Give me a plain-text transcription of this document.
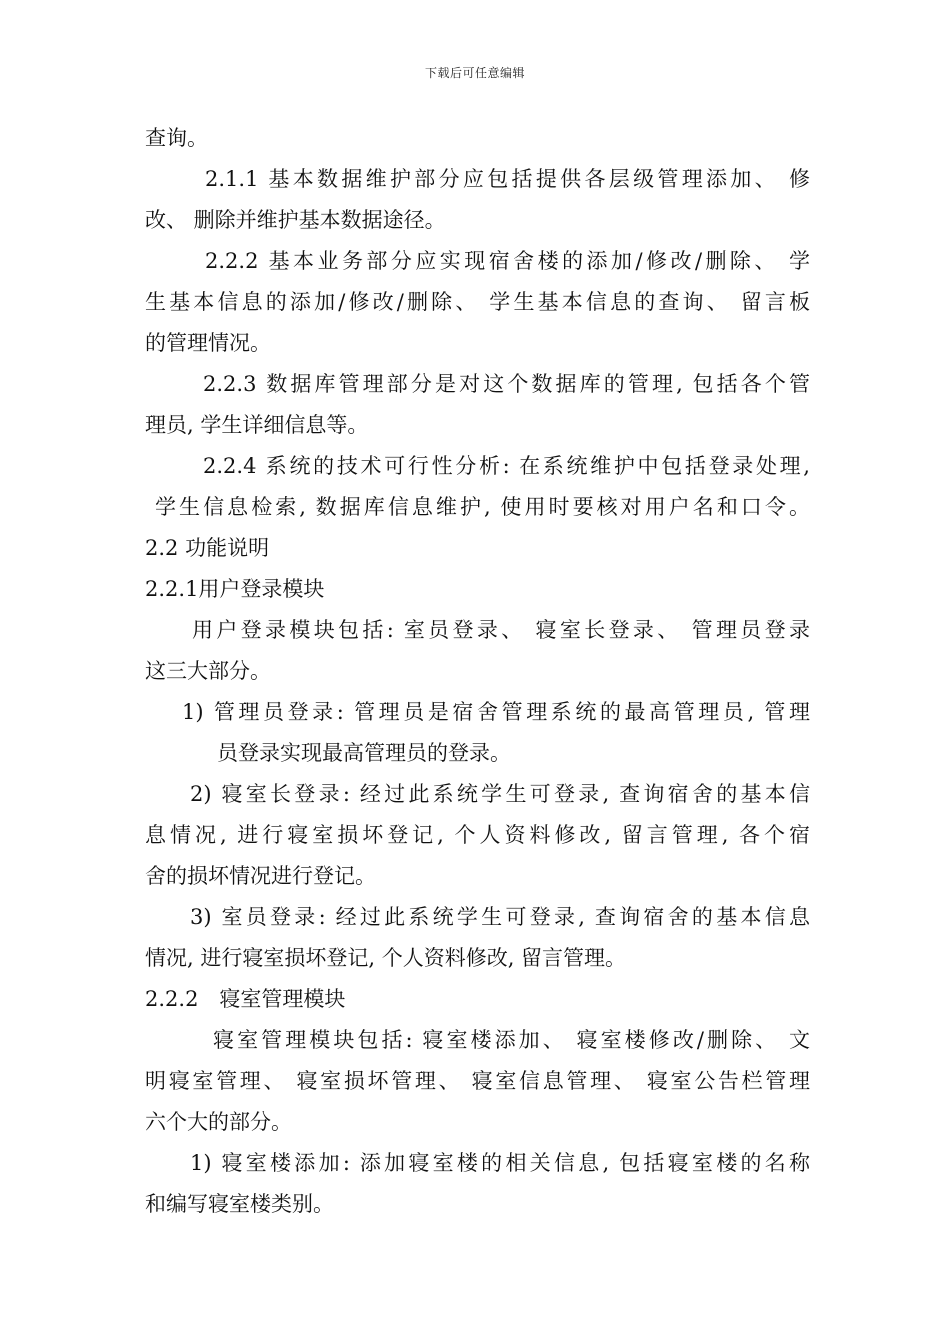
下载后可任意编辑
查询。
2.1.1 基本数据维护部分应包括提供各层级管理添加、 修
改、 删除并维护基本数据途径。
2.2.2 基本业务部分应实现宿舍楼的添加/修改/删除、 学
生基本信息的添加/修改/删除、 学生基本信息的查询、 留言板
的管理情况。
2.2.3 数据库管理部分是对这个数据库的管理, 包括各个管
理员, 学生详细信息等。
2.2.4 系统的技术可行性分析: 在系统维护中包括登录处理,
学生信息检索, 数据库信息维护, 使用时要核对用户名和口令。
2.2 功能说明
2.2.1用户登录模块
用户登录模块包括: 室员登录、 寝室长登录、 管理员登录
这三大部分。
1) 管理员登录: 管理员是宿舍管理系统的最高管理员, 管理
员登录实现最高管理员的登录。
2) 寝室长登录: 经过此系统学生可登录, 查询宿舍的基本信
息情况, 进行寝室损坏登记, 个人资料修改, 留言管理, 各个宿
舍的损坏情况进行登记。
3) 室员登录: 经过此系统学生可登录, 查询宿舍的基本信息
情况, 进行寝室损坏登记, 个人资料修改, 留言管理。
2.2.2　寝室管理模块
寝室管理模块包括: 寝室楼添加、 寝室楼修改/删除、 文
明寝室管理、 寝室损坏管理、 寝室信息管理、 寝室公告栏管理
六个大的部分。
1) 寝室楼添加: 添加寝室楼的相关信息, 包括寝室楼的名称
和编写寝室楼类别。
